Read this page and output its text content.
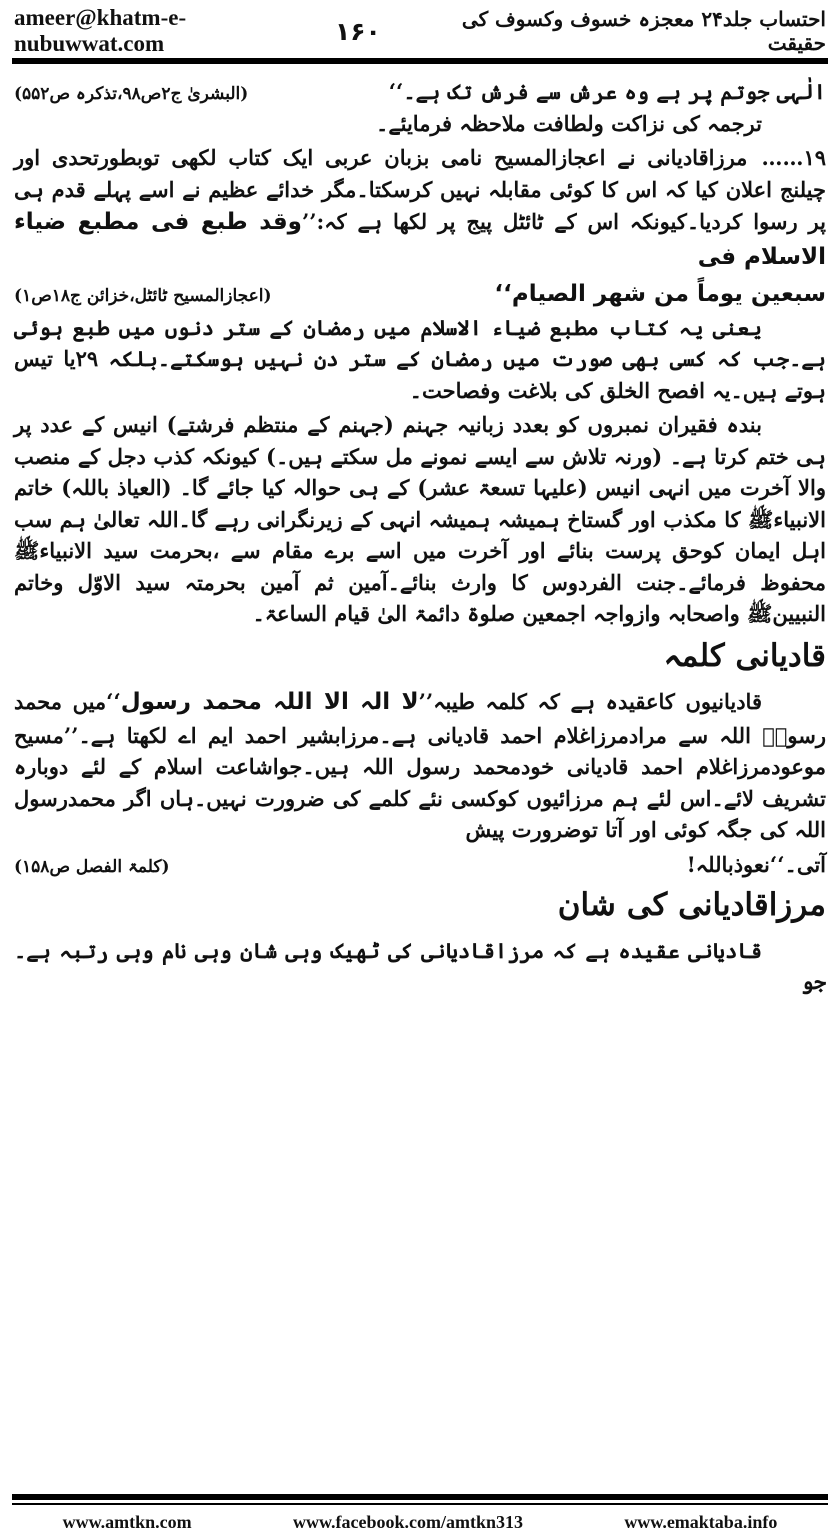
ameer@khatm-e-nubuwwat.com
احتساب جلد۲۴ معجزہ خسوف وکسوف کی حقیقت
۱۶۰
الٰہی جوتم پر ہے وہ عرش سے فرش تک ہے۔‘‘
(البشریٰ ج۲ص۹۸،تذکرہ ص۵۵۲)

ترجمہ کی نزاکت ولطافت ملاحظہ فرمایئے۔

۱۹……مرزاقادیانی نے اعجازالمسیح نامی بزبان عربی ایک کتاب لکھی توبطورتحدی اور چیلنج اعلان کیا کہ اس کا کوئی مقابلہ نہیں کرسکتا۔مگر خدائے عظیم نے اسے پہلے قدم ہی پر رسوا کردیا۔کیونکہ اس کے ٹائٹل پیج پر لکھا ہے کہ:’’وقد طبع فی مطبع ضیاء الاسلام فی

سبعین یوماً من شھر الصیام‘‘
(اعجازالمسیح ٹائٹل،خزائن ج۱۸ص۱)

یعنی یہ کتاب مطبع ضیاء الاسلام میں رمضان کے ستر دنوں میں طبع ہوئی ہے۔جب کہ کسی بھی صورت میں رمضان کے ستر دن نہیں ہوسکتے۔بلکہ ۲۹یا تیس ہوتے ہیں۔یہ افصح الخلق کی بلاغت وفصاحت۔

بندہ فقیران نمبروں کو بعدد زبانیہ جہنم (جہنم کے منتظم فرشتے) انیس کے عدد پر ہی ختم کرتا ہے۔ (ورنہ تلاش سے ایسے نمونے مل سکتے ہیں۔) کیونکہ کذب دجل کے منصب والا آخرت میں انہی انیس (علیہا تسعۃ عشر) کے ہی حوالہ کیا جائے گا۔ (العیاذ باللہ) خاتم الانبیاءﷺ کا مکذب اور گستاخ ہمیشہ ہمیشہ انہی کے زیرنگرانی رہے گا۔اللہ تعالیٰ ہم سب اہل ایمان کوحق پرست بنائے اور آخرت میں اسے برے مقام سے ،بحرمت سید الانبیاءﷺ محفوظ فرمائے۔جنت الفردوس کا وارث بنائے۔آمین ثم آمین بحرمتہ سید الاوّل وخاتم النبیینﷺ واصحابہ وازواجہ اجمعین صلوۃ دائمۃ الیٰ قیام الساعۃ۔

قادیانی کلمہ

قادیانیوں کاعقیدہ ہے کہ کلمہ طیبہ’’لا الہ الا اللہ محمد رسول‘‘میں محمد رسولؐ اللہ سے مرادمرزاغلام احمد قادیانی ہے۔مرزابشیر احمد ایم اے لکھتا ہے۔’’مسیح موعودمرزاغلام احمد قادیانی خودمحمد رسول اللہ ہیں۔جواشاعت اسلام کے لئے دوبارہ تشریف لائے۔اس لئے ہم مرزائیوں کوکسی نئے کلمے کی ضرورت نہیں۔ہاں اگر محمدرسول اللہ کی جگہ کوئی اور آتا توضرورت پیش

آتی۔‘‘نعوذباللہ!
(کلمۃ الفصل ص۱۵۸)
مرزاقادیانی کی شان

قادیانی عقیدہ ہے کہ مرزاقادیانی کی ٹھیک وہی شان وہی نام وہی رتبہ ہے۔جو

www.amtkn.com	www.facebook.com/amtkn313	www.emaktaba.info
